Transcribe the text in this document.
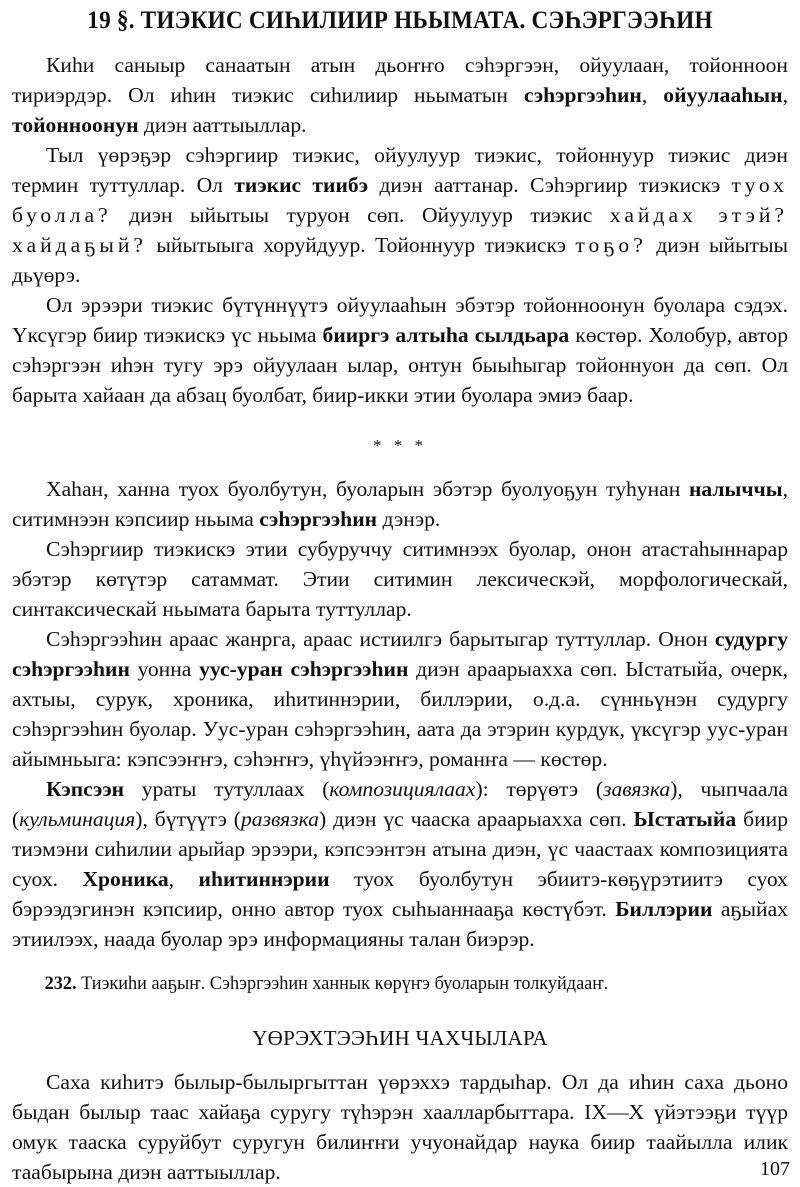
19 §. ТИЭКИС СИҺИЛИИР НЬЫМАТА. СЭҺЭРГЭЭҺИН

Киһи саныыр санаатын атын дьоҥҥо сэһэргээн, ойуулаан, тойонноон тириэрдэр. Ол иһин тиэкис сиһилиир ньыматын сэһэргээһин, ойуулааһын, тойонноонун диэн ааттыыллар.

Тыл үөрэҕэр сэһэргиир тиэкис, ойуулуур тиэкис, тойоннуур тиэкис диэн термин туттуллар. Ол тиэкис тиибэ диэн ааттанар. Сэһэргиир тиэкискэ туох буолла? диэн ыйытыы туруон сөп. Ойуулуур тиэкис хайдах этэй? хайдаҕый? ыйытыыга хоруйдуур. Тойоннуур тиэкискэ тоҕо? диэн ыйытыы дьүөрэ.

Ол эрээри тиэкис бүтүннүүтэ ойуулааһын эбэтэр тойонноонун буолара сэдэх. Үксүгэр биир тиэкискэ үс ньыма бииргэ алтыһа сылдьара көстөр. Холобур, автор сэһэргээн иһэн тугу эрэ ойуулаан ылар, онтун быыһыгар тойоннуон да сөп. Ол барыта хайаан да абзац буолбат, биир-икки этии буолара эмиэ баар.

* * *

Хаһан, ханна туох буолбутун, буоларын эбэтэр буолуоҕун туһунан налыччы, ситимнээн кэпсиир ньыма сэһэргээһин дэнэр.

Сэһэргиир тиэкискэ этии субуруччу ситимнээх буолар, онон атастаһыннарар эбэтэр көтүтэр сатаммат. Этии ситимин лексическэй, морфологическай, синтаксическай ньымата барыта туттуллар.

Сэһэргээһин араас жанрга, араас истиилгэ барытыгар туттуллар. Онон судургу сэһэргээһин уонна уус-уран сэһэргээһин диэн араарыахха сөп. Ыстатыйа, очерк, ахтыы, сурук, хроника, иһитиннэрии, биллэрии, о.д.а. сүнньүнэн судургу сэһэргээһин буолар. Уус-уран сэһэргээһин, аата да этэрин курдук, үксүгэр уус-уран айымньыга: кэпсээҥҥэ, сэһэҥҥэ, үһүйээҥҥэ, романҥа — көстөр.

Кэпсээн ураты тутуллаах (композициялаах): төрүөтэ (завязка), чыпчаала (кульминация), бүтүүтэ (развязка) диэн үс чааска араарыахха сөп. Ыстатыйа биир тиэмэни сиһилии арыйар эрээри, кэпсээнтэн атына диэн, үс чаастаах композицията суох. Хроника, иһитиннэрии туох буолбутун эбиитэ-көҕүрэтиитэ суох бэрээдэгинэн кэпсиир, онно автор туох сыһыаннааҕа көстүбэт. Биллэрии аҕыйах этиилээх, наада буолар эрэ информацияны талан биэрэр.

232. Тиэкиһи ааҕыҥ. Сэһэргээһин ханнык көрүҥэ буоларын толкуйдааҥ.

ҮӨРЭХТЭЭҺИН ЧАХЧЫЛАРА

Саха киһитэ былыр-былыргыттан үөрэххэ тардыһар. Ол да иһин саха дьоно быдан былыр таас хайаҕа суругу түһэрэн хаалларбыттара. IX—X үйэтээҕи түүр омук тааска суруйбут суругун билиҥҥи учуонайдар наука биир таайылла илик таабырына диэн ааттыыллар.	107
